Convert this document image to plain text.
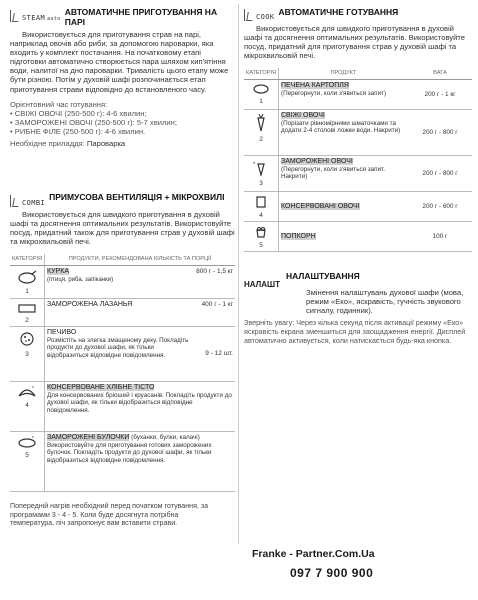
STEAM auto
АВТОМАТИЧНЕ ПРИГОТУВАННЯ НА ПАРІ
Використовується для приготування страв на парі, наприклад овочів або риби, за допомогою пароварки, яка входить у комплект постачання. На початковому етапі підготовки автоматично створюється пара шляхом кип'ятіння води, налитої на дно пароварки. Тривалість цього етапу може бути різною. Потім у духовій шафі розпочинається етап приготування страви відповідно до встановленого часу.
Орієнтовний час готування:
• СВІЖІ ОВОЧІ (250-500 г): 4-6 хвилин;
• ЗАМОРОЖЕНІ ОВОЧІ (250-500 г): 5-7 хвилин;
• РИБНЕ ФІЛЕ (250-500 г): 4-6 хвилин.
Необхідне приладдя: Пароварка
COMBI
ПРИМУСОВА ВЕНТИЛЯЦІЯ + МІКРОХВИЛІ
Використовується для швидкого приготування в духовій шафі та досягнення оптимальних результатів. Використовуйте посуд, придатний також для приготування страв у духовій шафі та мікрохвильовій печі.
КАТЕГОРІЯ	ПРОДУКТИ, РЕКОМЕНДОВАНА КІЛЬКІСТЬ ТА ПОРЦІЇ	

1	КУРКА
(птиця, риба, запіканки)	800 г - 1,5 кг

*
2	ЗАМОРОЖЕНА ЛАЗАНЬЯ	400 г - 1 кг

3	ПЕЧИВО
Розмістіть на злегка змащеному деку. Покладіть продукти до духової шафи, як тільки відобразиться відповідне повідомлення.	9 - 12 шт.

*
4	КОНСЕРВОВАНЕ ХЛІБНЕ ТІСТО
Для консервованих бріошей і круасанів. Покладіть продукти до духової шафи, як тільки відобразиться відповідне повідомлення.	

*
5	ЗАМОРОЖЕНІ БУЛОЧКИ (буханки, булки, калачі)
Використовуйте для приготування готових заморожених булочок. Покладіть продукти до духової шафи, як тільки відобразиться відповідне повідомлення.	
Попередній нагрів необхідний перед початком готування, за програмами 3 - 4 - 5. Коли буде досягнута потрібна температура, піч запропонує вам вставити страви.
COOK АВТОМАТИЧНЕ ГОТУВАННЯ
Використовується для швидкого приготування в духовій шафі та досягнення оптимальних результатів. Використовуйте посуд, придатний для приготування страв у духовій шафі та мікрохвильовій печі.
КАТЕГОРІЯ	ПРОДУКТ	ВАГА

1	ПЕЧЕНА КАРТОПЛЯ
(Перегорнути, коли з'явиться запит)	200 г - 1 кг

2	СВІЖІ ОВОЧІ
(Порізати рівномірними шматочками та додати 2-4 столові ложки води. Накрити)	200 г - 800 г

*
3	ЗАМОРОЖЕНІ ОВОЧІ
(Перегорнути, коли з'явиться запит. Накрити)	200 г - 800 г

4	КОНСЕРВОВАНІ ОВОЧІ	200 г - 600 г

5	ПОПКОРН	100 г
НАЛАШТ
НАЛАШТУВАННЯ
Змінення налаштувань духової шафи (мова, режим «Еко», яскравість, гучність звукового сигналу, годинник).
Зверніть увагу: Через кілька секунд після активації режиму «Еко» яскравість екрана зменшиться для заощадження енергії. Дисплей автоматично активується, коли натискається будь-яка кнопка.
Franke - Partner.Com.Ua
097 7 900 900
